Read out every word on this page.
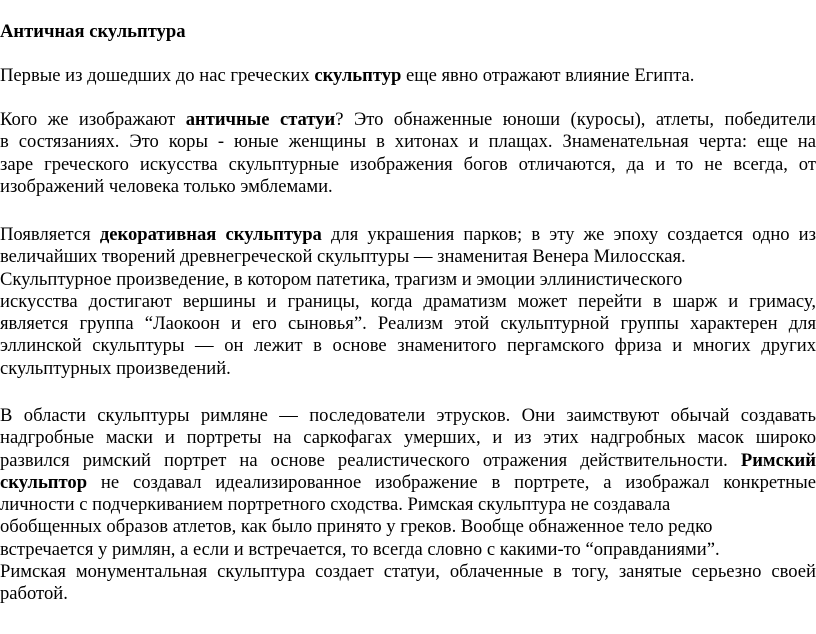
Античная скульптура

Первые из дошедших до нас греческих скульптур еще явно отражают влияние Египта.

Кого же изображают античные статуи? Это обнаженные юноши (куросы), атлеты, победители
в состязаниях. Это коры - юные женщины в хитонах и плащах. Знаменательная черта: еще на
заре греческого искусства скульптурные изображения богов отличаются, да и то не всегда, от
изображений человека только эмблемами.

Появляется декоративная скульптура для украшения парков; в эту же эпоху создается одно из
величайших творений древнегреческой скульптуры — знаменитая Венера Милосская.
Скульптурное произведение, в котором патетика, трагизм и эмоции эллинистического
искусства достигают вершины и границы, когда драматизм может перейти в шарж и гримасу,
является группа “Лаокоон и его сыновья”. Реализм этой скульптурной группы характерен для
эллинской скульптуры — он лежит в основе знаменитого пергамского фриза и многих других
скульптурных произведений.

В области скульптуры римляне — последователи этрусков. Они заимствуют обычай создавать
надгробные маски и портреты на саркофагах умерших, и из этих надгробных масок широко
развился римский портрет на основе реалистического отражения действительности. Римский
скульптор не создавал идеализированное изображение в портрете, а изображал конкретные
личности с подчеркиванием портретного сходства. Римская скульптура не создавала
обобщенных образов атлетов, как было принято у греков. Вообще обнаженное тело редко
встречается у римлян, а если и встречается, то всегда словно с какими-то “оправданиями”.
Римская монументальная скульптура создает статуи, облаченные в тогу, занятые серьезно своей
работой.
